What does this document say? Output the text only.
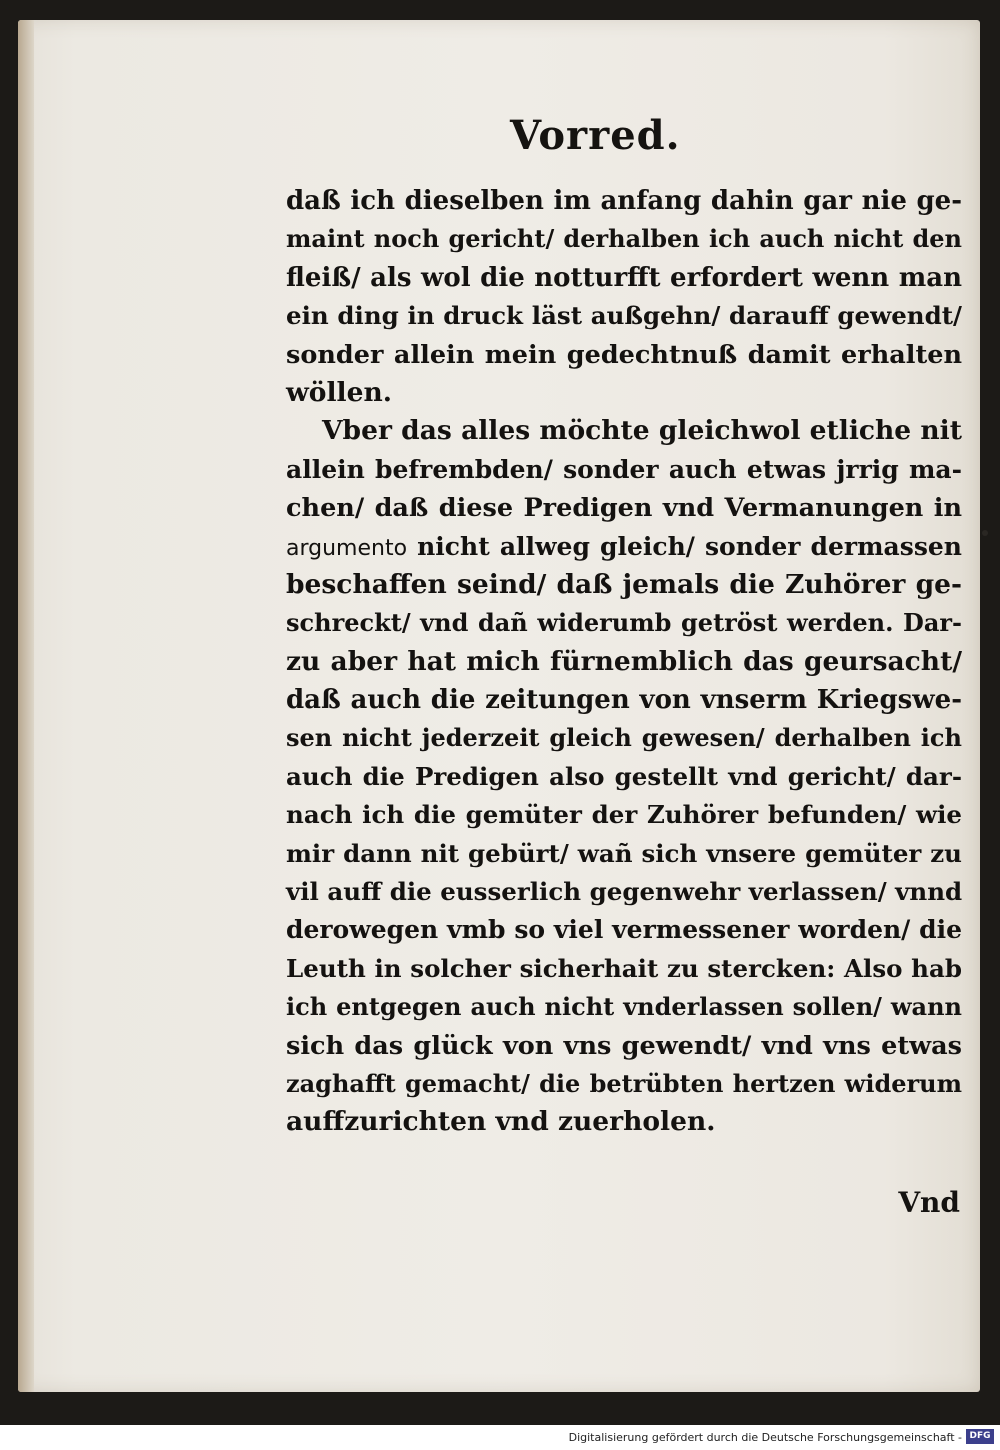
Vorred.
daß ich dieselben im anfang dahin gar nie ge-
maint noch gericht/ derhalben ich auch nicht den
fleiß/ als wol die notturfft erfordert wenn man
ein ding in druck läst außgehn/ darauff gewendt/
sonder allein mein gedechtnuß damit erhalten
wöllen.
Vber das alles möchte gleichwol etliche nit
allein befrembden/ sonder auch etwas jrrig ma-
chen/ daß diese Predigen vnd Vermanungen in
argumento nicht allweg gleich/ sonder dermassen
beschaffen seind/ daß jemals die Zuhörer ge-
schreckt/ vnd dañ widerumb getröst werden. Dar-
zu aber hat mich fürnemblich das geursacht/
daß auch die zeitungen von vnserm Kriegswe-
sen nicht jederzeit gleich gewesen/ derhalben ich
auch die Predigen also gestellt vnd gericht/ dar-
nach ich die gemüter der Zuhörer befunden/ wie
mir dann nit gebürt/ wañ sich vnsere gemüter zu
vil auff die eusserlich gegenwehr verlassen/ vnnd
derowegen vmb so viel vermessener worden/ die
Leuth in solcher sicherhait zu stercken: Also hab
ich entgegen auch nicht vnderlassen sollen/ wann
sich das glück von vns gewendt/ vnd vns etwas
zaghafft gemacht/ die betrübten hertzen widerum
auffzurichten vnd zuerholen.
Vnd
Digitalisierung gefördert durch die Deutsche Forschungsgemeinschaft - DFG
